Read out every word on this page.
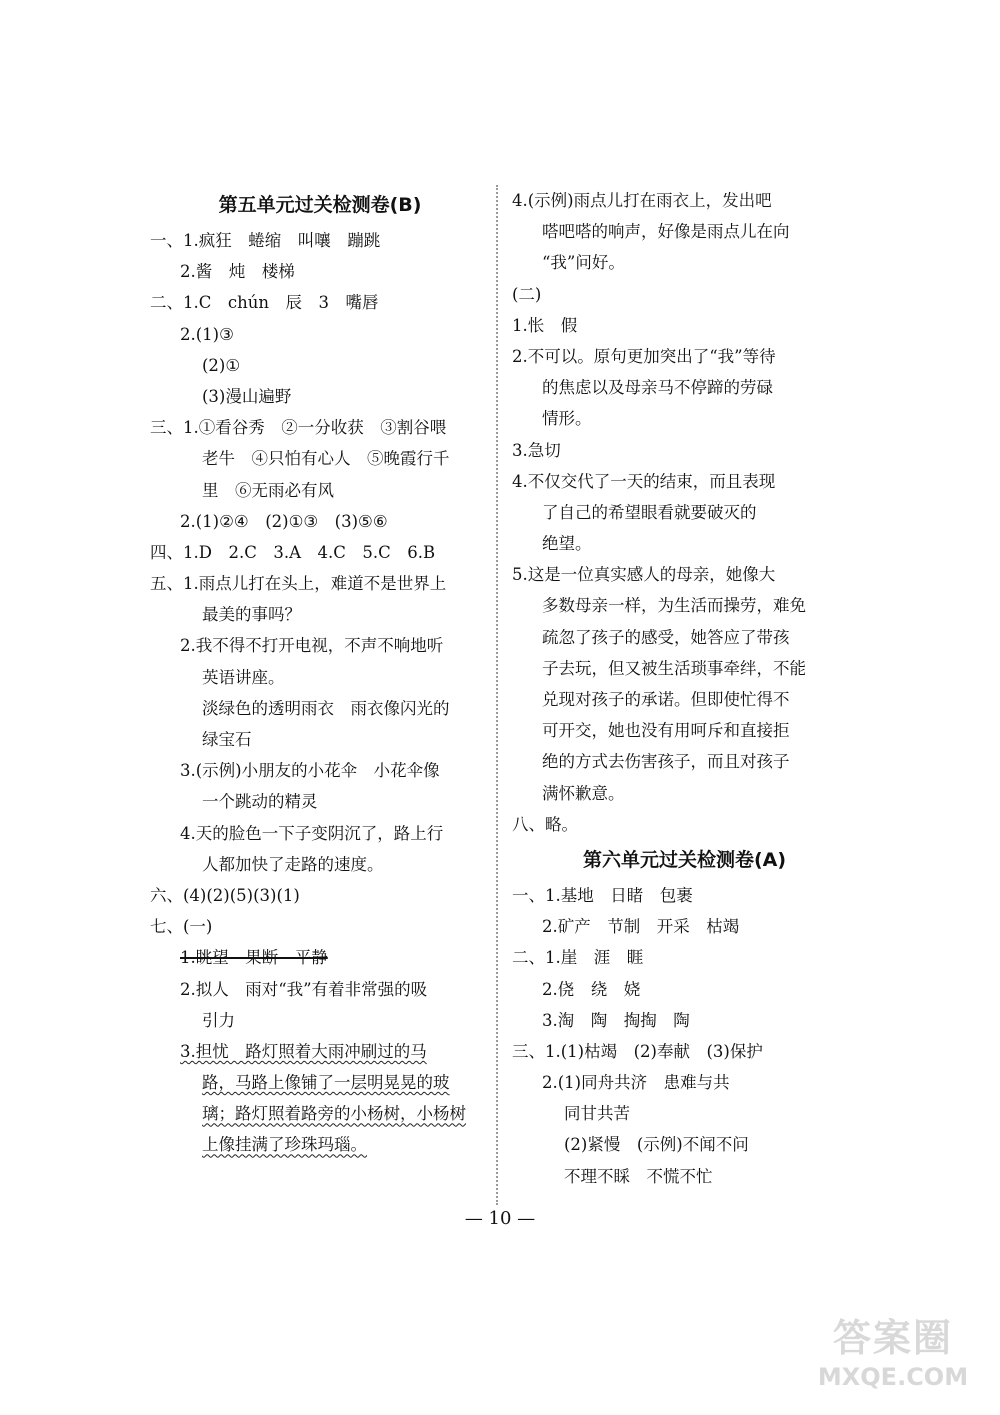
第五单元过关检测卷(B)
一、1.疯狂　蜷缩　叫嚷　蹦跳
2.酱　炖　楼梯
二、1.C　chún　辰　3　嘴唇
2.(1)③
(2)①
(3)漫山遍野
三、1.①看谷秀　②一分收获　③割谷喂
老牛　④只怕有心人　⑤晚霞行千
里　⑥无雨必有风
2.(1)②④　(2)①③　(3)⑤⑥
四、1.D　2.C　3.A　4.C　5.C　6.B
五、1.雨点儿打在头上，难道不是世界上
最美的事吗？
2.我不得不打开电视，不声不响地听
英语讲座。
淡绿色的透明雨衣　雨衣像闪光的
绿宝石
3.(示例)小朋友的小花伞　小花伞像
一个跳动的精灵
4.天的脸色一下子变阴沉了，路上行
人都加快了走路的速度。
六、(4)(2)(5)(3)(1)
七、(一)
1.眺望　果断　平静
2.拟人　雨对“我”有着非常强的吸
引力
3.担忧　路灯照着大雨冲刷过的马
路，马路上像铺了一层明晃晃的玻
璃；路灯照着路旁的小杨树，小杨树
上像挂满了珍珠玛瑙。
4.(示例)雨点儿打在雨衣上，发出吧
嗒吧嗒的响声，好像是雨点儿在向
“我”问好。
(二)
1.怅　假
2.不可以。原句更加突出了“我”等待
的焦虑以及母亲马不停蹄的劳碌
情形。
3.急切
4.不仅交代了一天的结束，而且表现
了自己的希望眼看就要破灭的
绝望。
5.这是一位真实感人的母亲，她像大
多数母亲一样，为生活而操劳，难免
疏忽了孩子的感受，她答应了带孩
子去玩，但又被生活琐事牵绊，不能
兑现对孩子的承诺。但即使忙得不
可开交，她也没有用呵斥和直接拒
绝的方式去伤害孩子，而且对孩子
满怀歉意。
八、略。
第六单元过关检测卷(A)
一、1.基地　日睹　包裹
2.矿产　节制　开采　枯竭
二、1.崖　涯　睚
2.侥　绕　娆
3.淘　陶　掏掏　陶
三、1.(1)枯竭　(2)奉献　(3)保护
2.(1)同舟共济　患难与共
同甘共苦
(2)紧慢　(示例)不闻不问
不理不睬　不慌不忙
— 10 —
答案圈
MXQE.COM
